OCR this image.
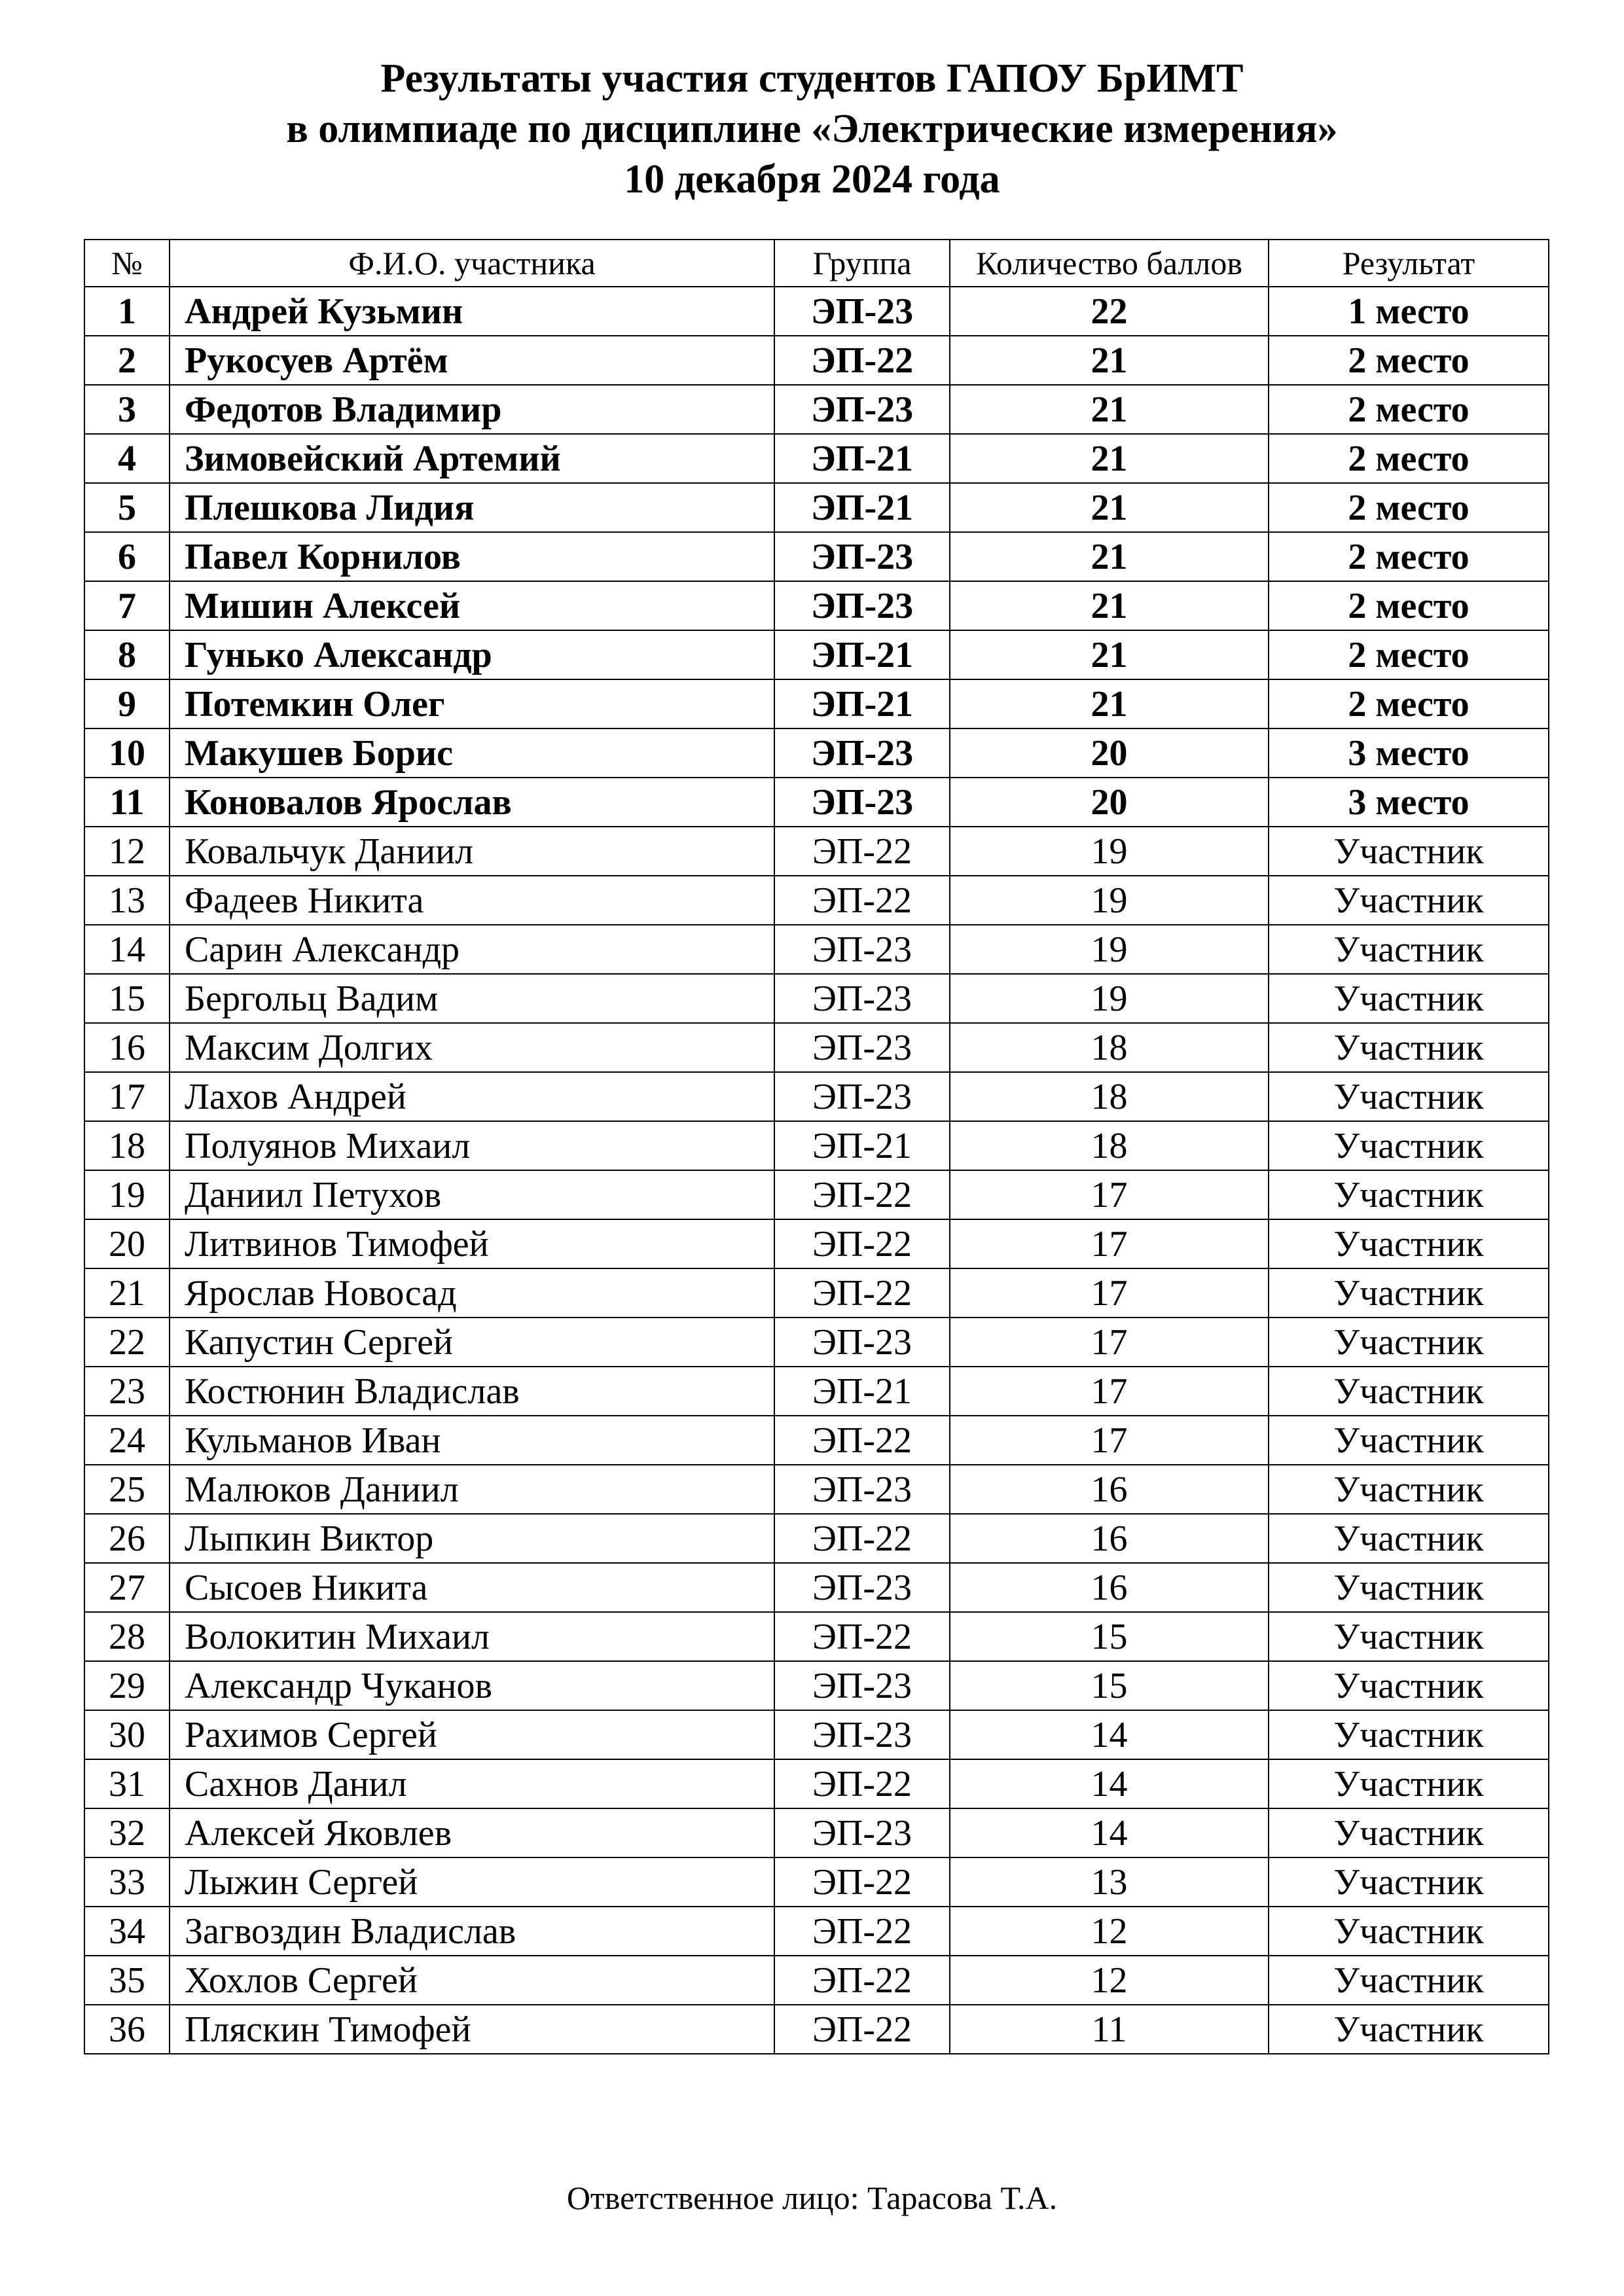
Результаты участия студентов ГАПОУ БрИМТ
в олимпиаде по дисциплине «Электрические измерения»
10 декабря 2024 года
№	Ф.И.О. участника	Группа	Количество баллов	Результат
1	Андрей Кузьмин	ЭП-23	22	1 место
2	Рукосуев Артём	ЭП-22	21	2 место
3	Федотов Владимир	ЭП-23	21	2 место
4	Зимовейский Артемий	ЭП-21	21	2 место
5	Плешкова Лидия	ЭП-21	21	2 место
6	Павел Корнилов	ЭП-23	21	2 место
7	Мишин Алексей	ЭП-23	21	2 место
8	Гунько Александр	ЭП-21	21	2 место
9	Потемкин Олег	ЭП-21	21	2 место
10	Макушев Борис	ЭП-23	20	3 место
11	Коновалов Ярослав	ЭП-23	20	3 место
12	Ковальчук Даниил	ЭП-22	19	Участник
13	Фадеев Никита	ЭП-22	19	Участник
14	Сарин Александр	ЭП-23	19	Участник
15	Бергольц Вадим	ЭП-23	19	Участник
16	Максим Долгих	ЭП-23	18	Участник
17	Лахов Андрей	ЭП-23	18	Участник
18	Полуянов Михаил	ЭП-21	18	Участник
19	Даниил Петухов	ЭП-22	17	Участник
20	Литвинов Тимофей	ЭП-22	17	Участник
21	Ярослав Новосад	ЭП-22	17	Участник
22	Капустин Сергей	ЭП-23	17	Участник
23	Костюнин Владислав	ЭП-21	17	Участник
24	Кульманов Иван	ЭП-22	17	Участник
25	Малюков Даниил	ЭП-23	16	Участник
26	Лыпкин Виктор	ЭП-22	16	Участник
27	Сысоев Никита	ЭП-23	16	Участник
28	Волокитин Михаил	ЭП-22	15	Участник
29	Александр Чуканов	ЭП-23	15	Участник
30	Рахимов Сергей	ЭП-23	14	Участник
31	Сахнов Данил	ЭП-22	14	Участник
32	Алексей Яковлев	ЭП-23	14	Участник
33	Лыжин Сергей	ЭП-22	13	Участник
34	Загвоздин Владислав	ЭП-22	12	Участник
35	Хохлов Сергей	ЭП-22	12	Участник
36	Пляскин Тимофей	ЭП-22	11	Участник
Ответственное лицо: Тарасова Т.А.
